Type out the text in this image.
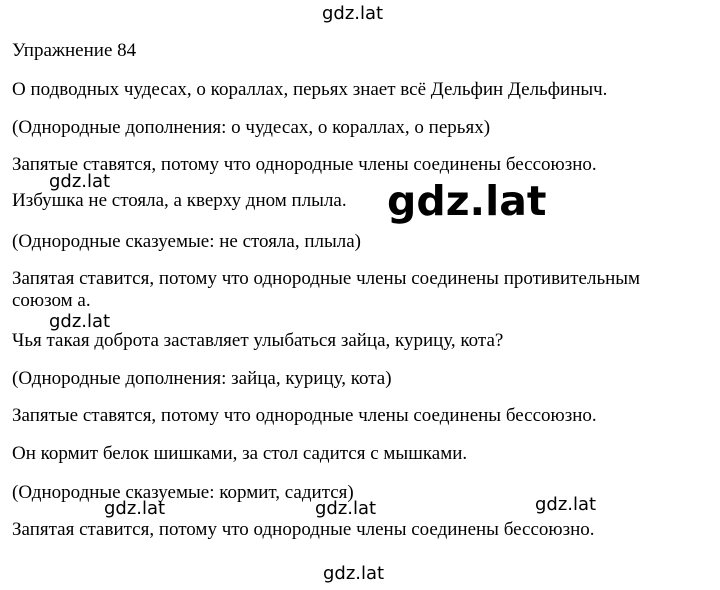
Упражнение 84

О подводных чудесах, о кораллах, перьях знает всё Дельфин Дельфиныч.

(Однородные дополнения: о чудесах, о кораллах, о перьях)

Запятые ставятся, потому что однородные члены соединены бессоюзно.

Избушка не стояла, а кверху дном плыла.

(Однородные сказуемые: не стояла, плыла)

Запятая ставится, потому что однородные члены соединены противительным

союзом а.

Чья такая доброта заставляет улыбаться зайца, курицу, кота?

(Однородные дополнения: зайца, курицу, кота)

Запятые ставятся, потому что однородные члены соединены бессоюзно.

Он кормит белок шишками, за стол садится с мышками.

(Однородные сказуемые: кормит, садится)

Запятая ставится, потому что однородные члены соединены бессоюзно.

gdz.lat
gdz.lat	gdz.lat
gdz.lat
gdz.lat	gdz.lat	gdz.lat
gdz.lat
